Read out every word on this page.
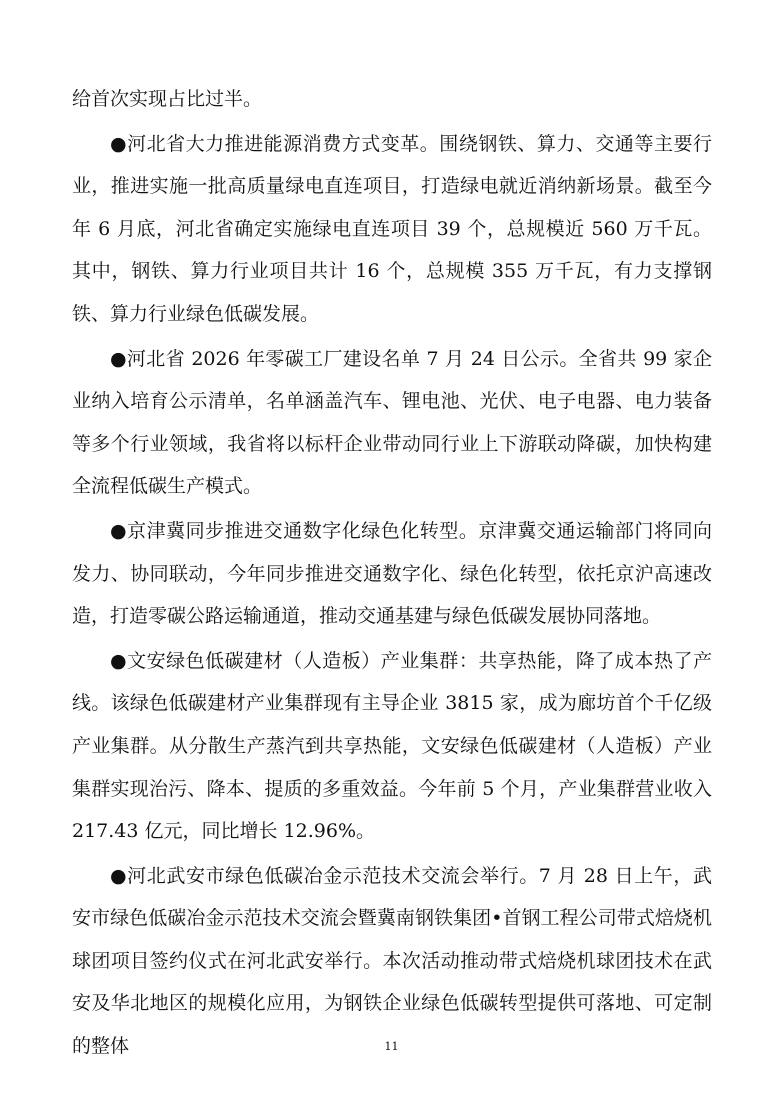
给首次实现占比过半。

●河北省大力推进能源消费方式变革。围绕钢铁、算力、交通等主要行业，推进实施一批高质量绿电直连项目，打造绿电就近消纳新场景。截至今年 6 月底，河北省确定实施绿电直连项目 39 个，总规模近 560 万千瓦。其中，钢铁、算力行业项目共计 16 个，总规模 355 万千瓦，有力支撑钢铁、算力行业绿色低碳发展。

●河北省 2026 年零碳工厂建设名单 7 月 24 日公示。全省共 99 家企业纳入培育公示清单，名单涵盖汽车、锂电池、光伏、电子电器、电力装备等多个行业领域，我省将以标杆企业带动同行业上下游联动降碳，加快构建全流程低碳生产模式。

●京津冀同步推进交通数字化绿色化转型。京津冀交通运输部门将同向发力、协同联动，今年同步推进交通数字化、绿色化转型，依托京沪高速改造，打造零碳公路运输通道，推动交通基建与绿色低碳发展协同落地。

●文安绿色低碳建材（人造板）产业集群：共享热能，降了成本热了产线。该绿色低碳建材产业集群现有主导企业 3815 家，成为廊坊首个千亿级产业集群。从分散生产蒸汽到共享热能，文安绿色低碳建材（人造板）产业集群实现治污、降本、提质的多重效益。今年前 5 个月，产业集群营业收入 217.43 亿元，同比增长 12.96%。

●河北武安市绿色低碳冶金示范技术交流会举行。7 月 28 日上午，武安市绿色低碳冶金示范技术交流会暨冀南钢铁集团•首钢工程公司带式焙烧机球团项目签约仪式在河北武安举行。本次活动推动带式焙烧机球团技术在武安及华北地区的规模化应用，为钢铁企业绿色低碳转型提供可落地、可定制的整体	11
